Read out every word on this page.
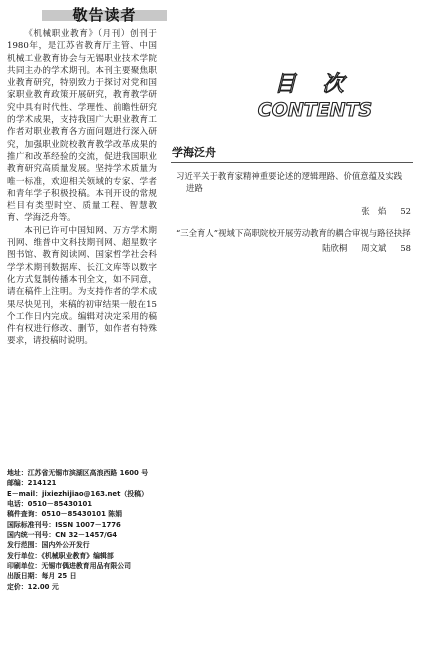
敬告读者

《机械职业教育》（月刊）创刊于1980年，是江苏省教育厅主管、中国机械工业教育协会与无锡职业技术学院共同主办的学术期刊。本刊主要聚焦职业教育研究，特别致力于探讨对党和国家职业教育政策开展研究，教育教学研究中具有时代性、学理性、前瞻性研究的学术成果，支持我国广大职业教育工作者对职业教育各方面问题进行深入研究，加强职业院校教育教学改革成果的推广和改革经验的交流，促进我国职业教育研究高质量发展。坚持学术质量为唯一标准，欢迎相关领域的专家、学者和青年学子积极投稿。本刊开设的常规栏目有类型时空、质量工程、智慧教育、学海泛舟等。

本刊已许可中国知网、万方学术期刊网、维普中文科技期刊网、超星数字图书馆、教育阅读网、国家哲学社会科学学术期刊数据库、长江文库等以数字化方式复制传播本刊全文，如不同意，请在稿件上注明。为支持作者的学术成果尽快见刊，来稿的初审结果一般在15个工作日内完成。编辑对决定采用的稿件有权进行修改、删节，如作者有特殊要求，请投稿时说明。

目次
CONTENTS
学海泛舟
习近平关于教育家精神重要论述的逻辑理路、价值意蕴及实践
进路
张　焰 52
“三全育人”视域下高职院校开展劳动教育的耦合审视与路径抉择
陆欣桐 周文斌 58
地址：江苏省无锡市滨湖区高浪西路 1600 号
邮编：214121
E－mail：jixiezhijiao@163.net（投稿）
电话：0510－85430101
稿件查询：0510－85430101 陈娟
国际标准刊号：ISSN 1007－1776
国内统一刊号：CN 32－1457/G4
发行范围：国内外公开发行
发行单位：《机械职业教育》编辑部
印刷单位：无锡市偶进教育用品有限公司
出版日期：每月 25 日
定价：12.00 元
